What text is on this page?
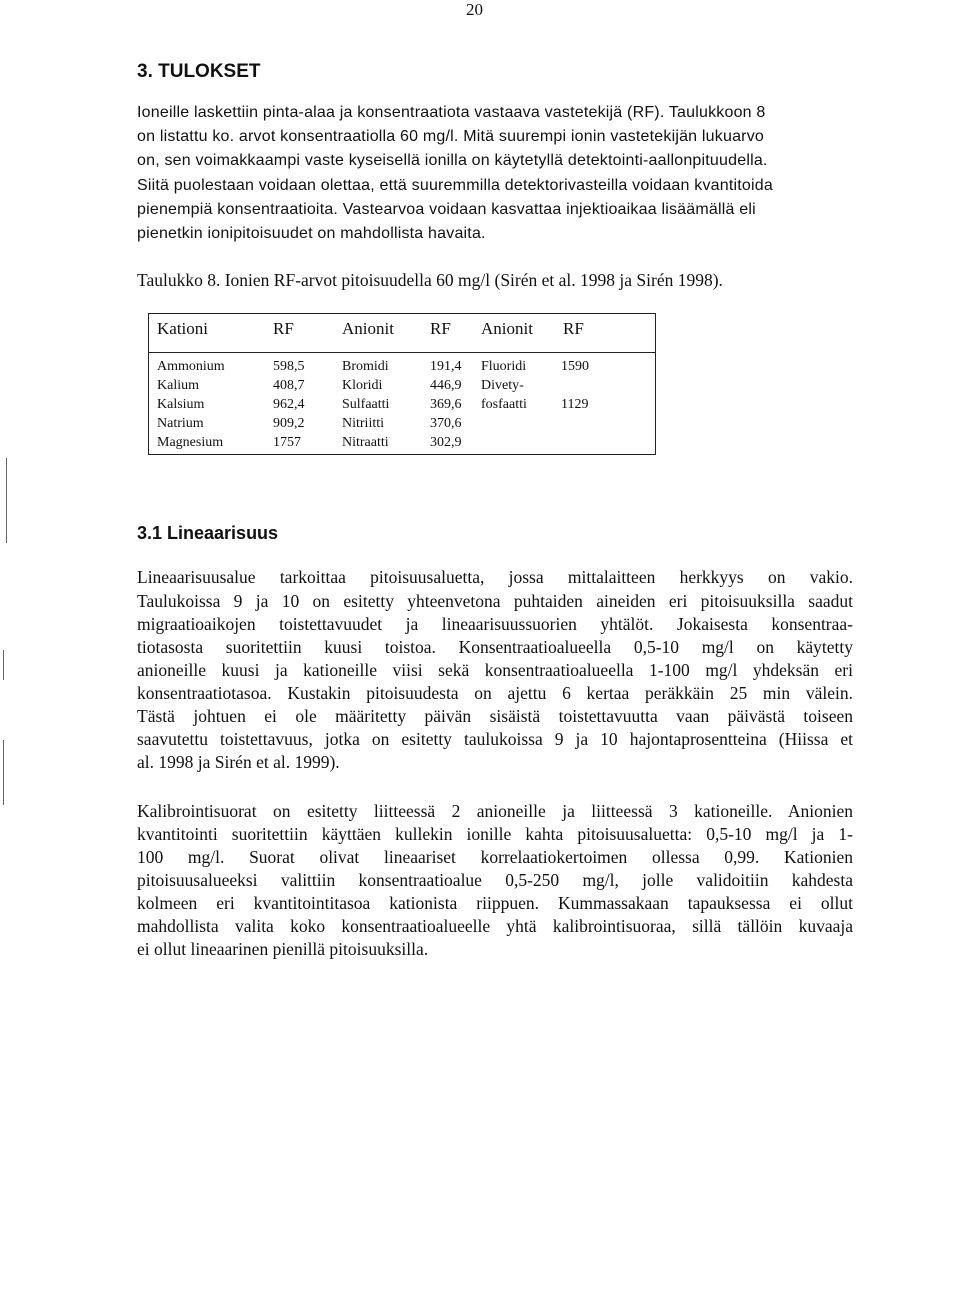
20
3. TULOKSET
Ioneille laskettiin pinta-alaa ja konsentraatiota vastaava vastetekijä (RF). Taulukkoon 8
on listattu ko. arvot konsentraatiolla 60 mg/l. Mitä suurempi ionin vastetekijän lukuarvo
on, sen voimakkaampi vaste kyseisellä ionilla on käytetyllä detektointi-aallonpituudella.
Siitä puolestaan voidaan olettaa, että suuremmilla detektorivasteilla voidaan kvantitoida
pienempiä konsentraatioita. Vastearvoa voidaan kasvattaa injektioaikaa lisäämällä eli
pienetkin ionipitoisuudet on mahdollista havaita.
Taulukko 8. Ionien RF-arvot pitoisuudella 60 mg/l (Sirén et al. 1998 ja Sirén 1998).
Kationi	RF	Anionit RF Anionit RF
Ammonium	598,5	Bromidi	191,4 Fluoridi 1590
Kalium	408,7	Kloridi	446,9 Divety-
Kalsium	962,4	Sulfaatti	369,6 fosfaatti 1129
Natrium	909,2	Nitriitti	370,6
Magnesium	1757	Nitraatti	302,9
3.1 Lineaarisuus
Lineaarisuusalue tarkoittaa pitoisuusaluetta, jossa mittalaitteen herkkyys on vakio.
Taulukoissa 9 ja 10 on esitetty yhteenvetona puhtaiden aineiden eri pitoisuuksilla saadut
migraatioaikojen toistettavuudet ja lineaarisuussuorien yhtälöt. Jokaisesta konsentraa-
tiotasosta suoritettiin kuusi toistoa. Konsentraatioalueella 0,5-10 mg/l on käytetty
anioneille kuusi ja kationeille viisi sekä konsentraatioalueella 1-100 mg/l yhdeksän eri
konsentraatiotasoa. Kustakin pitoisuudesta on ajettu 6 kertaa peräkkäin 25 min välein.
Tästä johtuen ei ole määritetty päivän sisäistä toistettavuutta vaan päivästä toiseen
saavutettu toistettavuus, jotka on esitetty taulukoissa 9 ja 10 hajontaprosentteina (Hiissa et
al. 1998 ja Sirén et al. 1999).
Kalibrointisuorat on esitetty liitteessä 2 anioneille ja liitteessä 3 kationeille. Anionien
kvantitointi suoritettiin käyttäen kullekin ionille kahta pitoisuusaluetta: 0,5-10 mg/l ja 1-
100 mg/l. Suorat olivat lineaariset korrelaatiokertoimen ollessa 0,99. Kationien
pitoisuusalueeksi valittiin konsentraatioalue 0,5-250 mg/l, jolle validoitiin kahdesta
kolmeen eri kvantitointitasoa kationista riippuen. Kummassakaan tapauksessa ei ollut
mahdollista valita koko konsentraatioalueelle yhtä kalibrointisuoraa, sillä tällöin kuvaaja
ei ollut lineaarinen pienillä pitoisuuksilla.
